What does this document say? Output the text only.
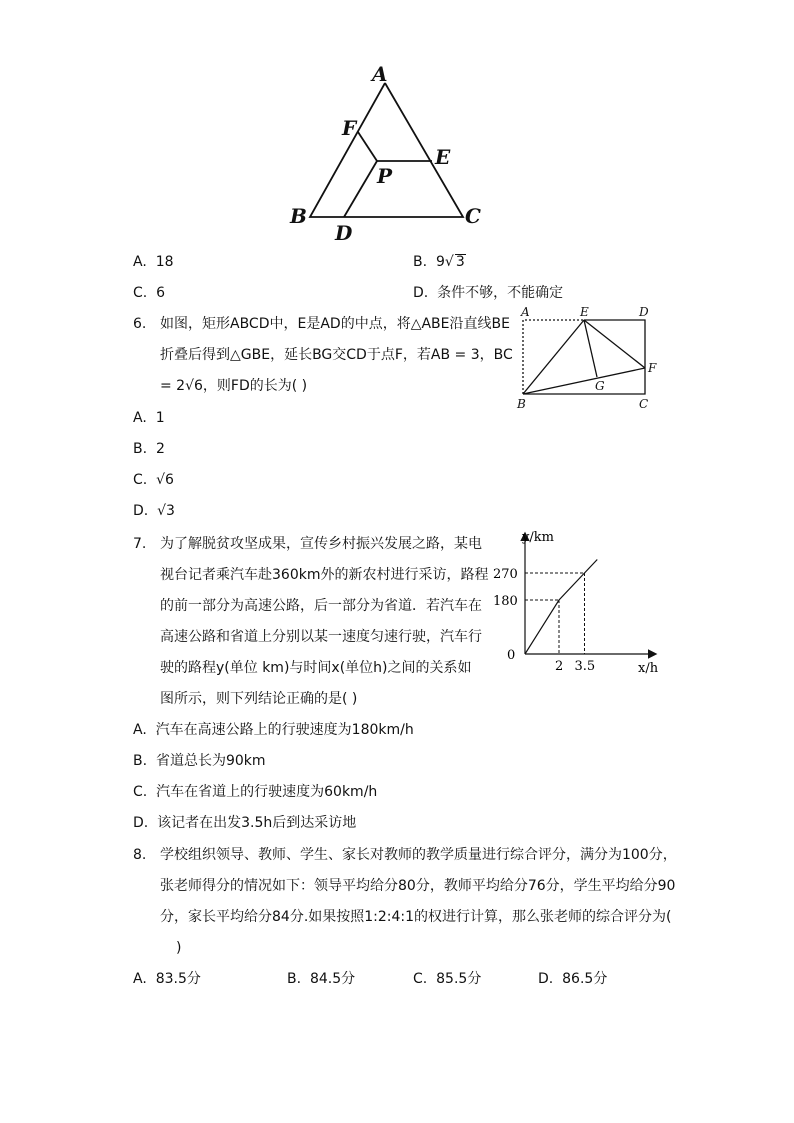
A
F
E
P
B	C
D
A. 18	B. 9√ 3
C. 6	D. 条件不够，不能确定
6. 如图，矩形ABCD中，E是AD的中点，将△ABE沿直线BE
折叠后得到△GBE，延长BG交CD于点F，若AB = 3，BC
= 2√6，则FD的长为( )
A	E	D
F
G
B	C
A. 1
B. 2
C. √6
D. √3
7. 为了解脱贫攻坚成果，宣传乡村振兴发展之路，某电
视台记者乘汽车赴360km外的新农村进行采访，路程
的前一部分为高速公路，后一部分为省道．若汽车在
高速公路和省道上分别以某一速度匀速行驶，汽车行
驶的路程y(单位 km)与时间x(单位h)之间的关系如
图所示，则下列结论正确的是( )
y/km
x/h
0
180
270
2 3.5
A. 汽车在高速公路上的行驶速度为180km/h
B. 省道总长为90km
C. 汽车在省道上的行驶速度为60km/h
D. 该记者在出发3.5h后到达采访地
8. 学校组织领导、教师、学生、家长对教师的教学质量进行综合评分，满分为100分，
张老师得分的情况如下：领导平均给分80分，教师平均给分76分，学生平均给分90
分，家长平均给分84分.如果按照1:2:4:1的权进行计算，那么张老师的综合评分为(
)
A. 83.5分	B. 84.5分	C. 85.5分	D. 86.5分
